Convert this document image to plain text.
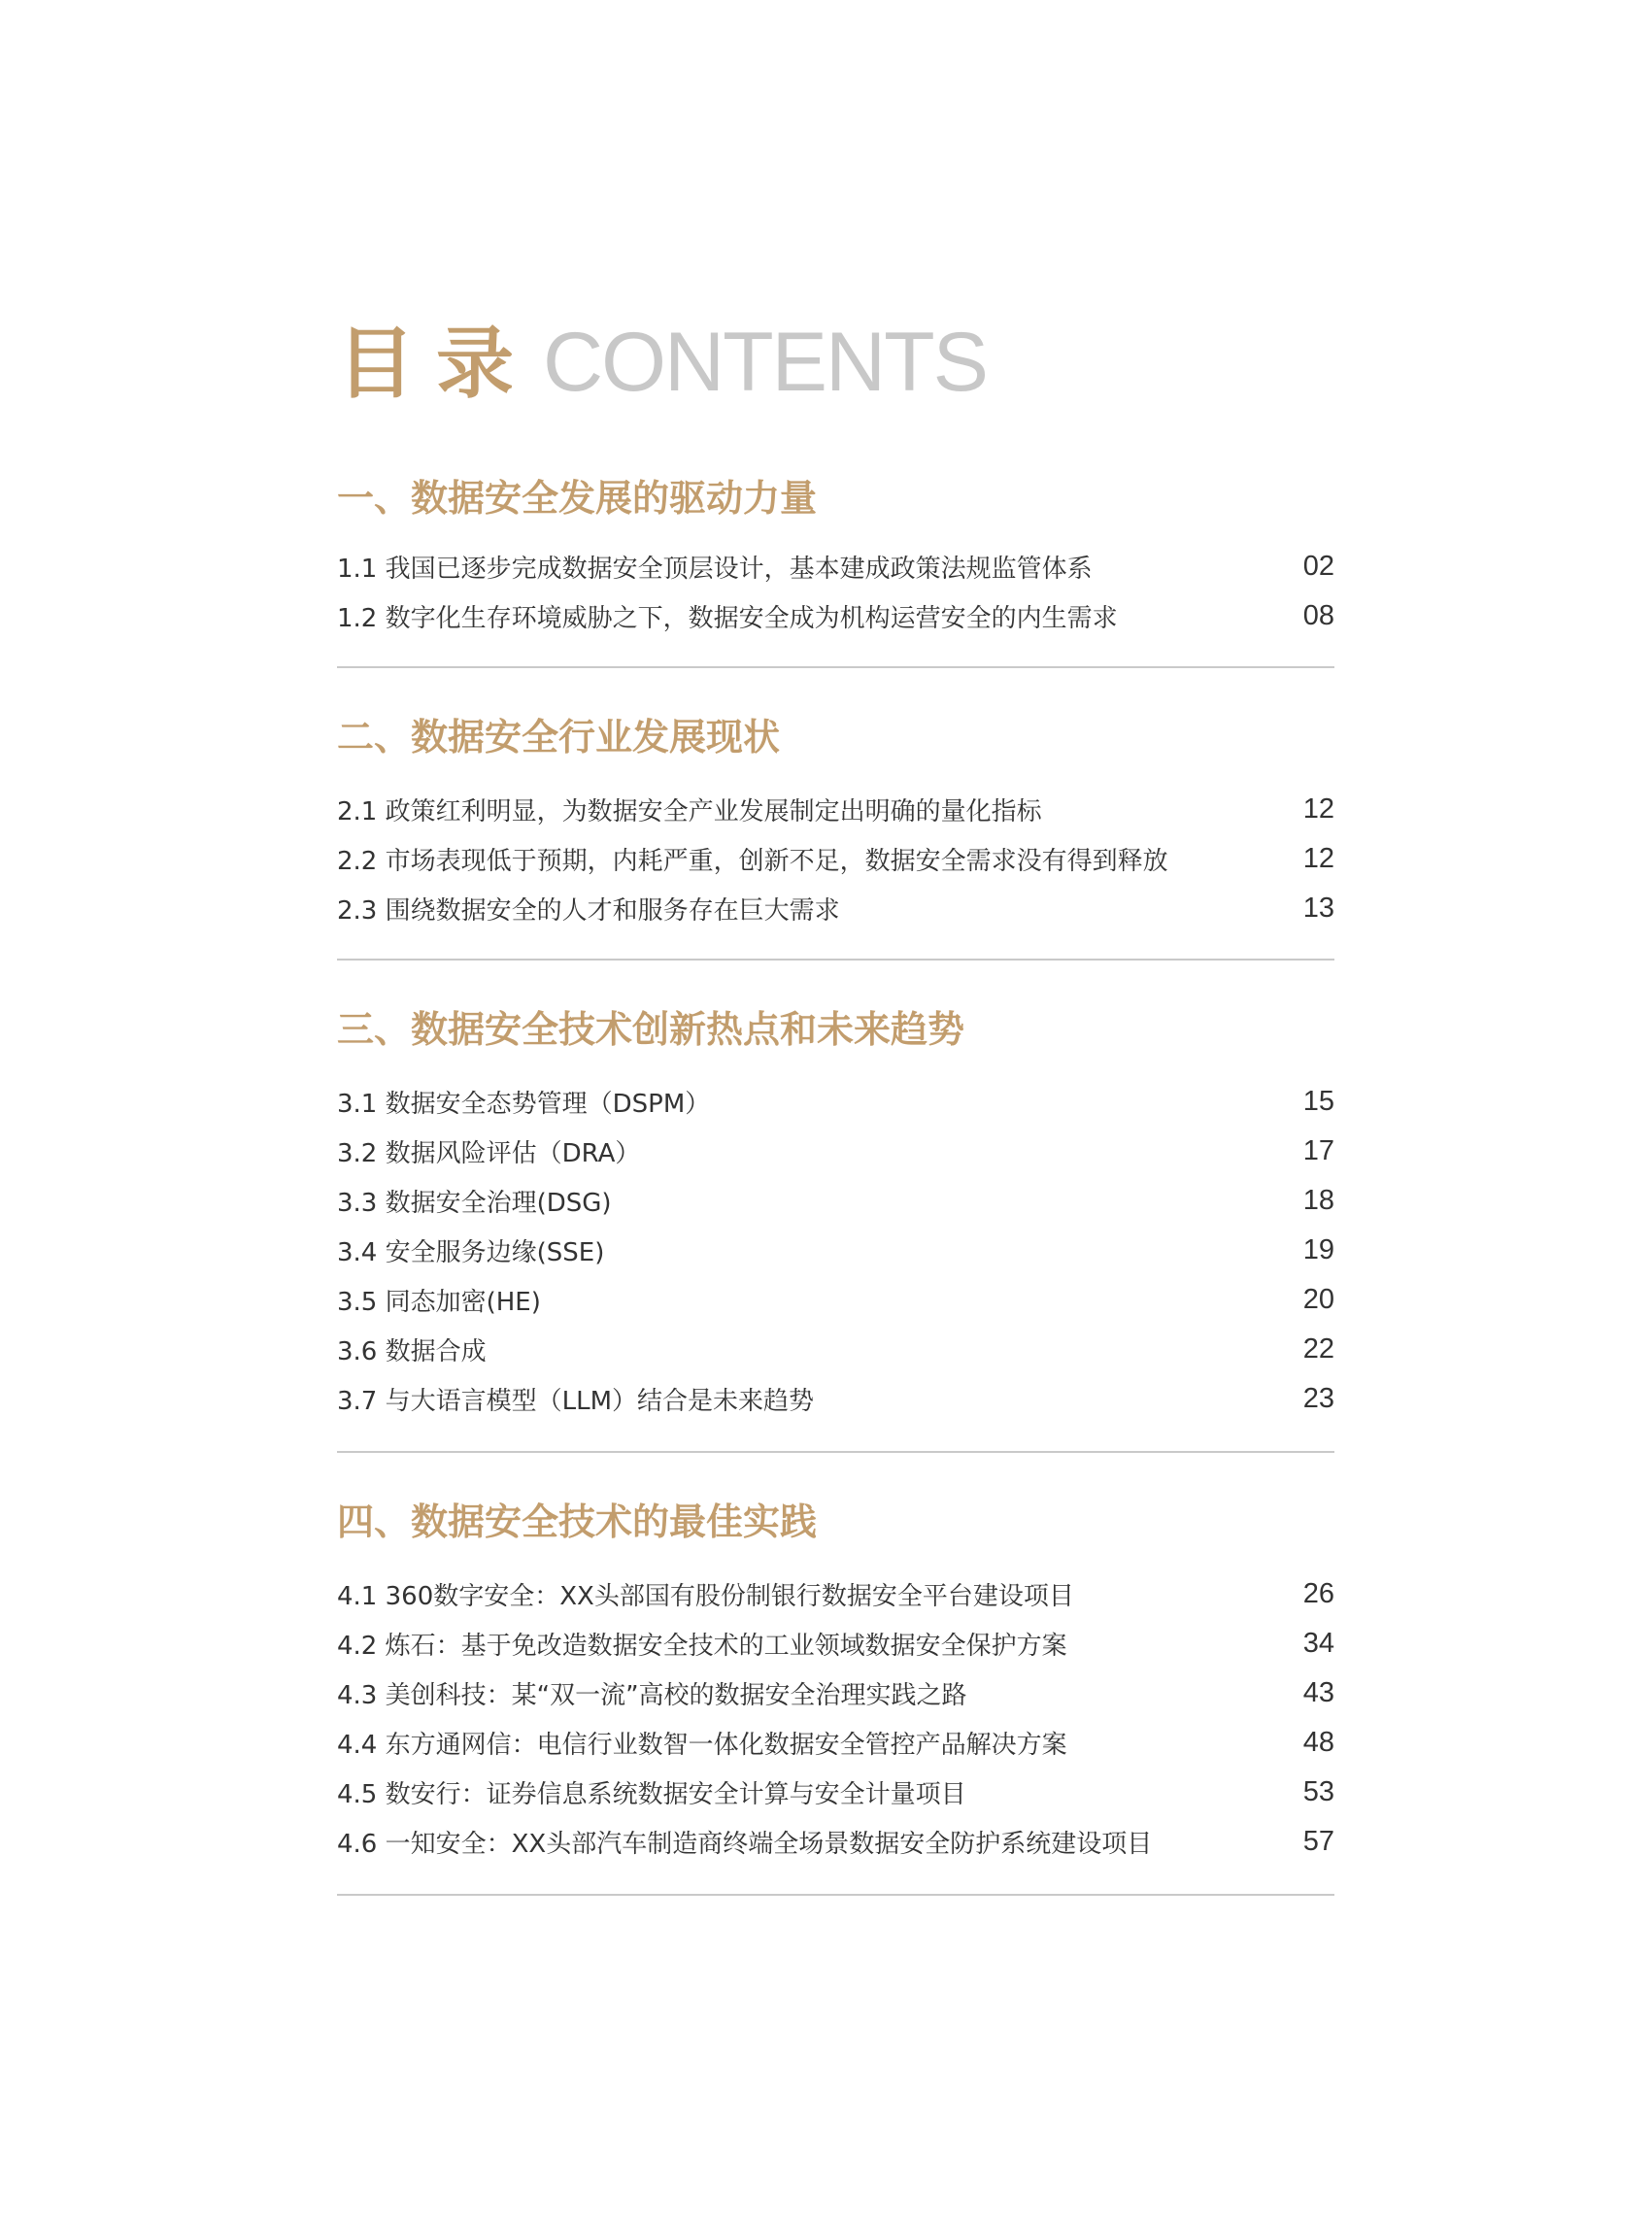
目录 CONTENTS
一、数据安全发展的驱动力量
1.1 我国已逐步完成数据安全顶层设计，基本建成政策法规监管体系	02
1.2 数字化生存环境威胁之下，数据安全成为机构运营安全的内生需求	08
二、数据安全行业发展现状
2.1 政策红利明显，为数据安全产业发展制定出明确的量化指标	12
2.2 市场表现低于预期，内耗严重，创新不足，数据安全需求没有得到释放	12
2.3 围绕数据安全的人才和服务存在巨大需求	13
三、数据安全技术创新热点和未来趋势
3.1 数据安全态势管理（DSPM）	15
3.2 数据风险评估（DRA）	17
3.3 数据安全治理(DSG)	18
3.4 安全服务边缘(SSE)	19
3.5 同态加密(HE)	20
3.6 数据合成	22
3.7 与大语言模型（LLM）结合是未来趋势	23
四、数据安全技术的最佳实践
4.1 360数字安全：XX头部国有股份制银行数据安全平台建设项目	26
4.2 炼石：基于免改造数据安全技术的工业领域数据安全保护方案	34
4.3 美创科技：某“双一流”高校的数据安全治理实践之路	43
4.4 东方通网信：电信行业数智一体化数据安全管控产品解决方案	48
4.5 数安行：证券信息系统数据安全计算与安全计量项目	53
4.6 一知安全：XX头部汽车制造商终端全场景数据安全防护系统建设项目	57
